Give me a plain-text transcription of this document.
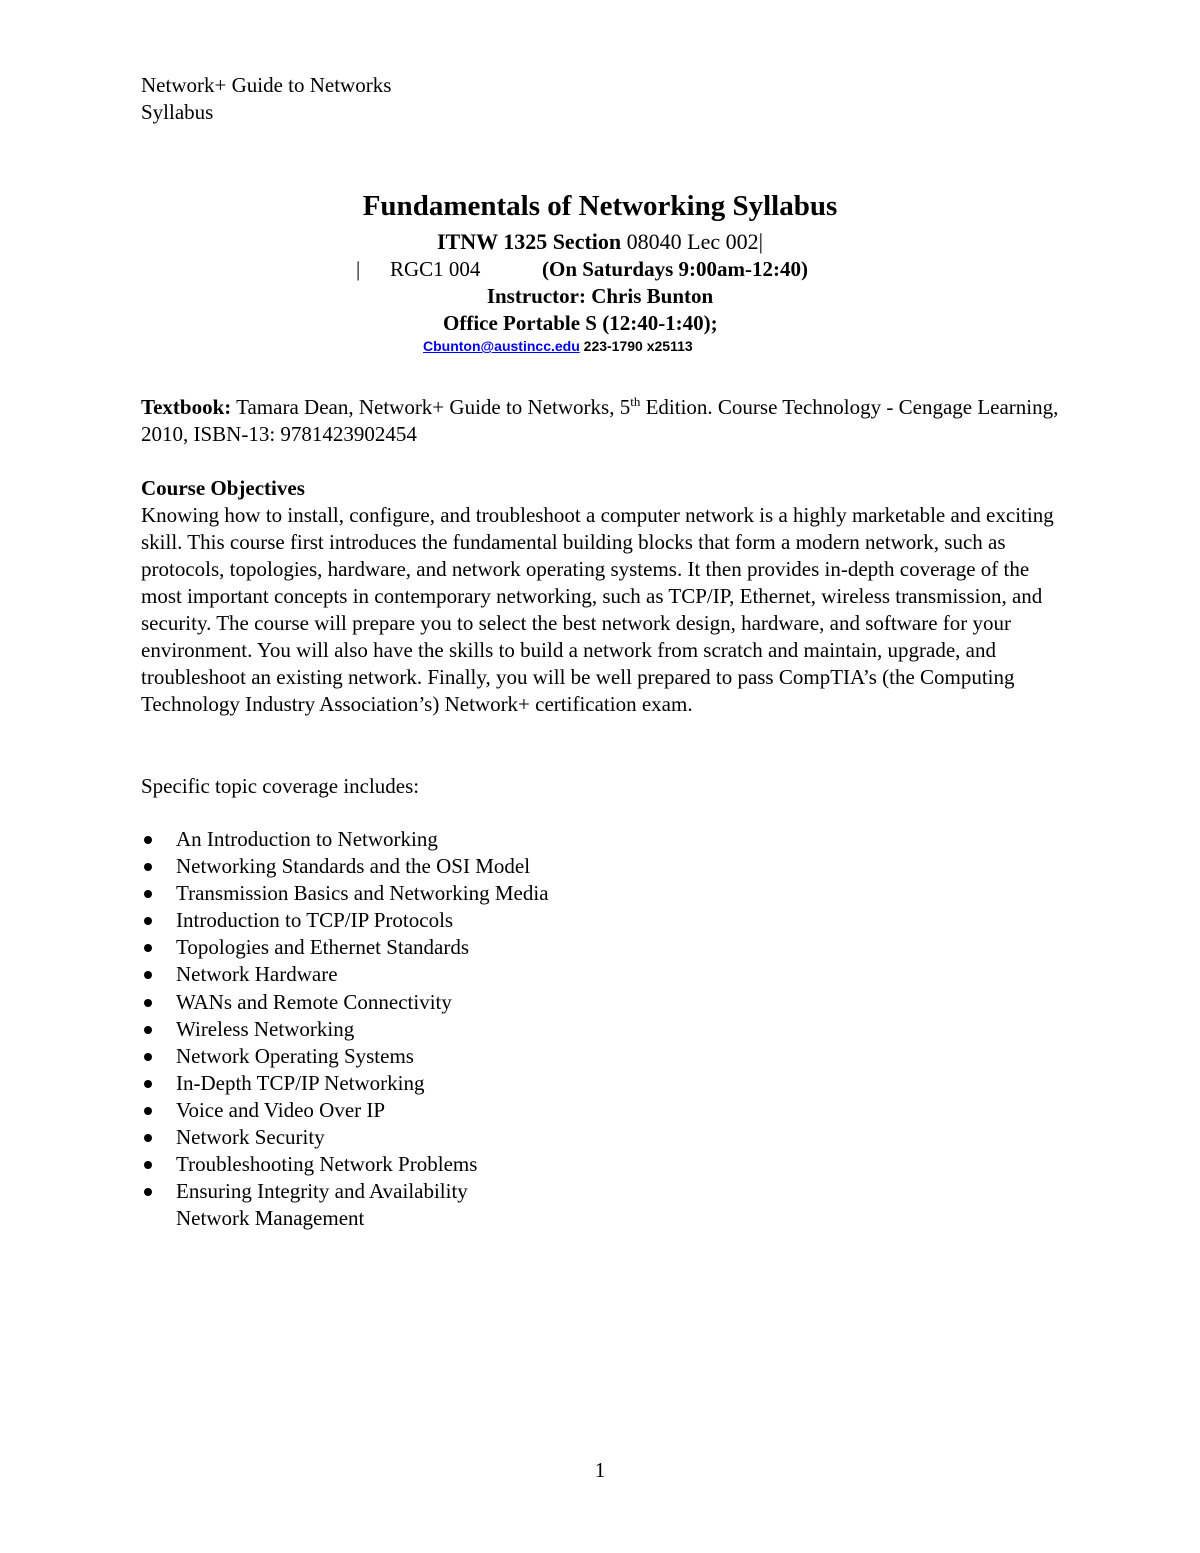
Network+ Guide to Networks
Syllabus
Fundamentals of Networking Syllabus
ITNW 1325 Section 08040 Lec 002|
Instructor: Chris Bunton
| RGC1 004	(On Saturdays 9:00am-12:40)
Office Portable S (12:40-1:40);
Cbunton@austincc.edu 223-1790 x25113
Textbook: Tamara Dean, Network+ Guide to Networks, 5th Edition. Course Technology - Cengage Learning, 2010, ISBN-13: 9781423902454
Course Objectives
Knowing how to install, configure, and troubleshoot a computer network is a highly marketable and exciting skill. This course first introduces the fundamental building blocks that form a modern network, such as protocols, topologies, hardware, and network operating systems. It then provides in-depth coverage of the most important concepts in contemporary networking, such as TCP/IP, Ethernet, wireless transmission, and security. The course will prepare you to select the best network design, hardware, and software for your environment. You will also have the skills to build a network from scratch and maintain, upgrade, and troubleshoot an existing network. Finally, you will be well prepared to pass CompTIA’s (the Computing Technology Industry Association’s) Network+ certification exam.
Specific topic coverage includes:
An Introduction to Networking
Networking Standards and the OSI Model
Transmission Basics and Networking Media
Introduction to TCP/IP Protocols
Topologies and Ethernet Standards
Network Hardware
WANs and Remote Connectivity
Wireless Networking
Network Operating Systems
In-Depth TCP/IP Networking
Voice and Video Over IP
Network Security
Troubleshooting Network Problems
Ensuring Integrity and Availability
Network Management
1
